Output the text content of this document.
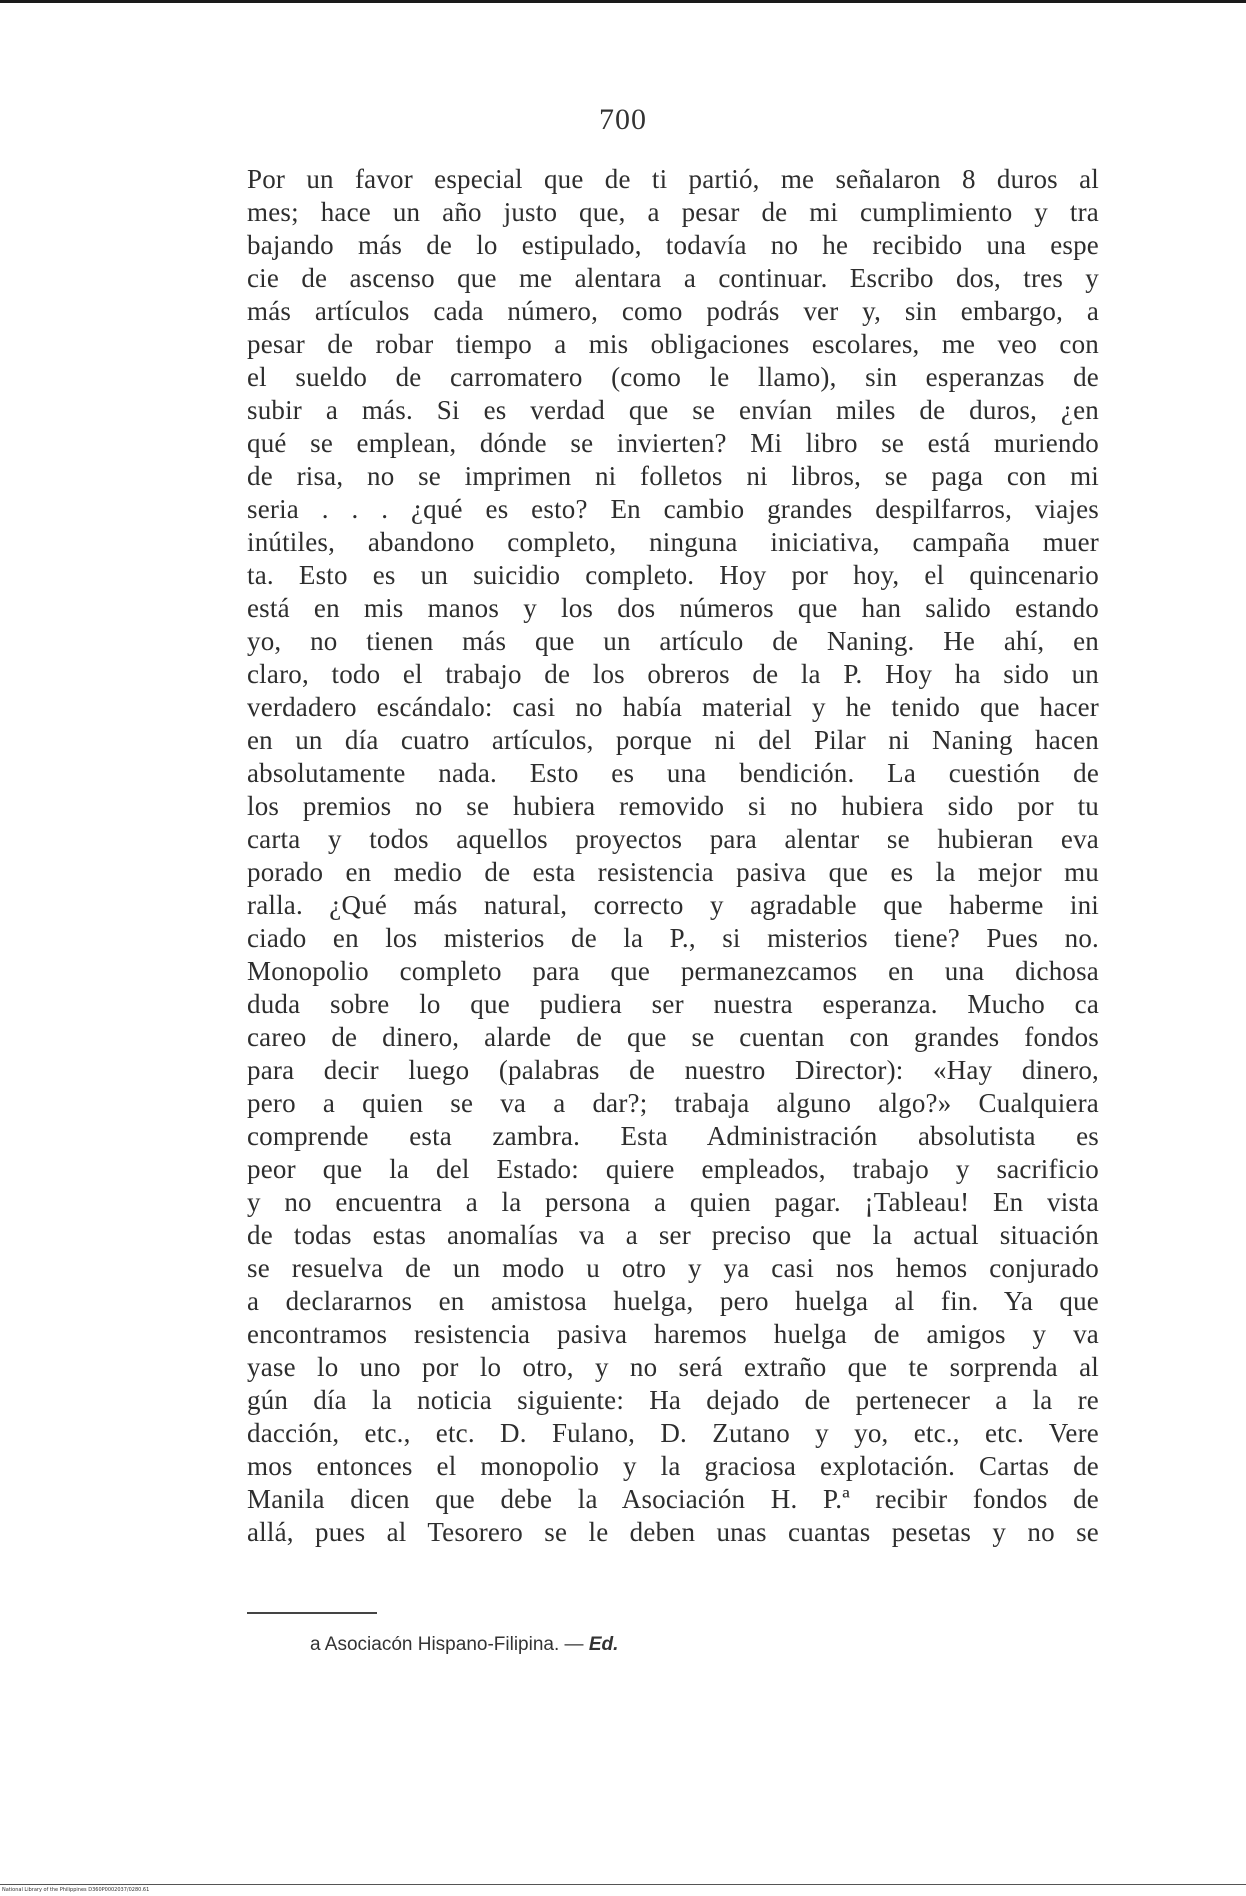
700
Por un favor especial que de ti partió, me señalaron 8 duros al
mes; hace un año justo que, a pesar de mi cumplimiento y tra
bajando más de lo estipulado, todavía no he recibido una espe
cie de ascenso que me alentara a continuar. Escribo dos, tres y
más artículos cada número, como podrás ver y, sin embargo, a
pesar de robar tiempo a mis obligaciones escolares, me veo con
el sueldo de carromatero (como le llamo), sin esperanzas de
subir a más. Si es verdad que se envían miles de duros, ¿en
qué se emplean, dónde se invierten? Mi libro se está muriendo
de risa, no se imprimen ni folletos ni libros, se paga con mi
seria . . . ¿qué es esto? En cambio grandes despilfarros, viajes
inútiles, abandono completo, ninguna iniciativa, campaña muer
ta. Esto es un suicidio completo. Hoy por hoy, el quincenario
está en mis manos y los dos números que han salido estando
yo, no tienen más que un artículo de Naning. He ahí, en
claro, todo el trabajo de los obreros de la P. Hoy ha sido un
verdadero escándalo: casi no había material y he tenido que hacer
en un día cuatro artículos, porque ni del Pilar ni Naning hacen
absolutamente nada. Esto es una bendición. La cuestión de
los premios no se hubiera removido si no hubiera sido por tu
carta y todos aquellos proyectos para alentar se hubieran eva
porado en medio de esta resistencia pasiva que es la mejor mu
ralla. ¿Qué más natural, correcto y agradable que haberme ini
ciado en los misterios de la P., si misterios tiene? Pues no.
Monopolio completo para que permanezcamos en una dichosa
duda sobre lo que pudiera ser nuestra esperanza. Mucho ca
careo de dinero, alarde de que se cuentan con grandes fondos
para decir luego (palabras de nuestro Director): «Hay dinero,
pero a quien se va a dar?; trabaja alguno algo?» Cualquiera
comprende esta zambra. Esta Administración absolutista es
peor que la del Estado: quiere empleados, trabajo y sacrificio
y no encuentra a la persona a quien pagar. ¡Tableau! En vista
de todas estas anomalías va a ser preciso que la actual situación
se resuelva de un modo u otro y ya casi nos hemos conjurado
a declararnos en amistosa huelga, pero huelga al fin. Ya que
encontramos resistencia pasiva haremos huelga de amigos y va
yase lo uno por lo otro, y no será extraño que te sorprenda al
gún día la noticia siguiente: Ha dejado de pertenecer a la re
dacción, etc., etc. D. Fulano, D. Zutano y yo, etc., etc. Vere
mos entonces el monopolio y la graciosa explotación. Cartas de
Manila dicen que debe la Asociación H. P.ª recibir fondos de
allá, pues al Tesorero se le deben unas cuantas pesetas y no se
a Asociacón Hispano-Filipina. — Ed.
National Library of the Philippines D360P0002037/0280.61
